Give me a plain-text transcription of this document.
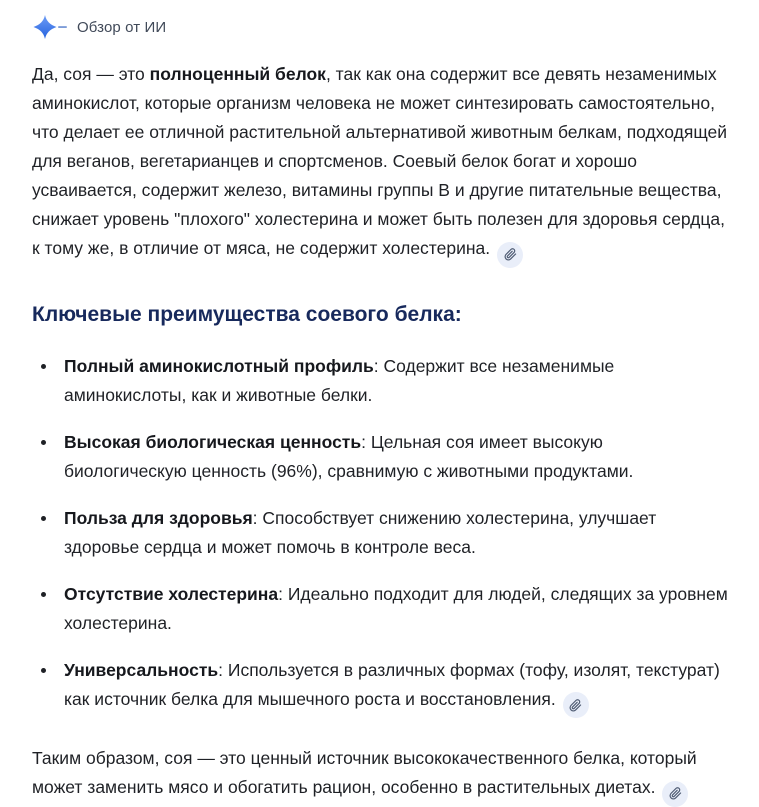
Обзор от ИИ

Да, соя — это полноценный белок, так как она содержит все девять незаменимых аминокислот, которые организм человека не может синтезировать самостоятельно, что делает ее отличной растительной альтернативой животным белкам, подходящей для веганов, вегетарианцев и спортсменов. Соевый белок богат и хорошо усваивается, содержит железо, витамины группы В и другие питательные вещества, снижает уровень "плохого" холестерина и может быть полезен для здоровья сердца, к тому же, в отличие от мяса, не содержит холестерина.

Ключевые преимущества соевого белка:
Полный аминокислотный профиль: Содержит все незаменимые аминокислоты, как и животные белки.
Высокая биологическая ценность: Цельная соя имеет высокую биологическую ценность (96%), сравнимую с животными продуктами.
Польза для здоровья: Способствует снижению холестерина, улучшает здоровье сердца и может помочь в контроле веса.
Отсутствие холестерина: Идеально подходит для людей, следящих за уровнем холестерина.
Универсальность: Используется в различных формах (тофу, изолят, текстурат) как источник белка для мышечного роста и восстановления.

Таким образом, соя — это ценный источник высококачественного белка, который может заменить мясо и обогатить рацион, особенно в растительных диетах.
